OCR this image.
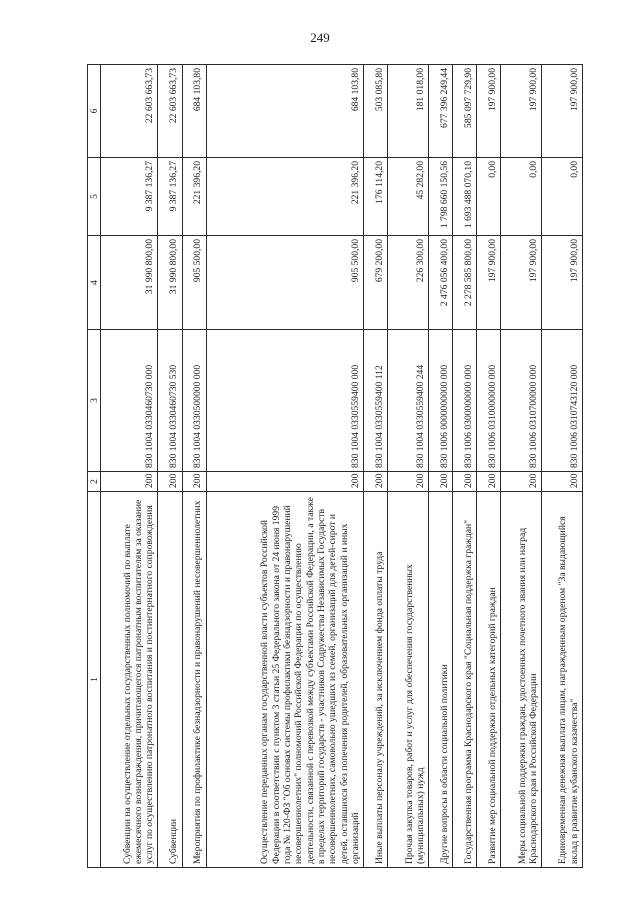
249
1	2	3	4	5	6
Субвенции на осуществление отдельных государственных полномочий по выплате ежемесячного вознаграждения, причитающегося патронатным воспитателям за оказание услуг по осуществлению патронатного воспитания и постинтернатного сопровождения	200	830 1004 0330460730 000	31 990 800,00	9 387 136,27	22 603 663,73
Субвенции	200	830 1004 0330460730 530	31 990 800,00	9 387 136,27	22 603 663,73
Мероприятия по профилактике безнадзорности и правонарушений несовершеннолетних	200	830 1004 0330500000 000	905 500,00	221 396,20	684 103,80
Осуществление переданных органам государственной власти субъектов Российской Федерации в соответствии с пунктом 3 статьи 25 Федерального закона от 24 июня 1999 года № 120-ФЗ "Об основах системы профилактики безнадзорности и правонарушений несовершеннолетних" полномочий Российской Федерации по осуществлению деятельности, связанной с перевозкой между субъектами Российской Федерации, а также в пределах территорий государств - участников Содружества Независимых Государств несовершеннолетних, самовольно ушедших из семей, организаций для детей-сирот и детей, оставшихся без попечения родителей, образовательных организаций и иных организаций	200	830 1004 0330559400 000	905 500,00	221 396,20	684 103,80
Иные выплаты персоналу учреждений, за исключением фонда оплаты труда	200	830 1004 0330559400 112	679 200,00	176 114,20	503 085,80
Прочая закупка товаров, работ и услуг для обеспечения государственных (муниципальных) нужд	200	830 1004 0330559400 244	226 300,00	45 282,00	181 018,00
Другие вопросы в области социальной политики	200	830 1006 0000000000 000	2 476 056 400,00	1 798 660 150,56	677 396 249,44
Государственная программа Краснодарского края "Социальная поддержка граждан"	200	830 1006 0300000000 000	2 278 585 800,00	1 693 488 070,10	585 097 729,90
Развитие мер социальной поддержки отдельных категорий граждан	200	830 1006 0310000000 000	197 900,00	0,00	197 900,00
Меры социальной поддержки граждан, удостоенных почетного звания или наград Краснодарского края и Российской Федерации	200	830 1006 0310700000 000	197 900,00	0,00	197 900,00
Единовременная денежная выплата лицам, награжденным орденом "За выдающийся вклад в развитие кубанского казачества"	200	830 1006 0310743120 000	197 900,00	0,00	197 900,00
